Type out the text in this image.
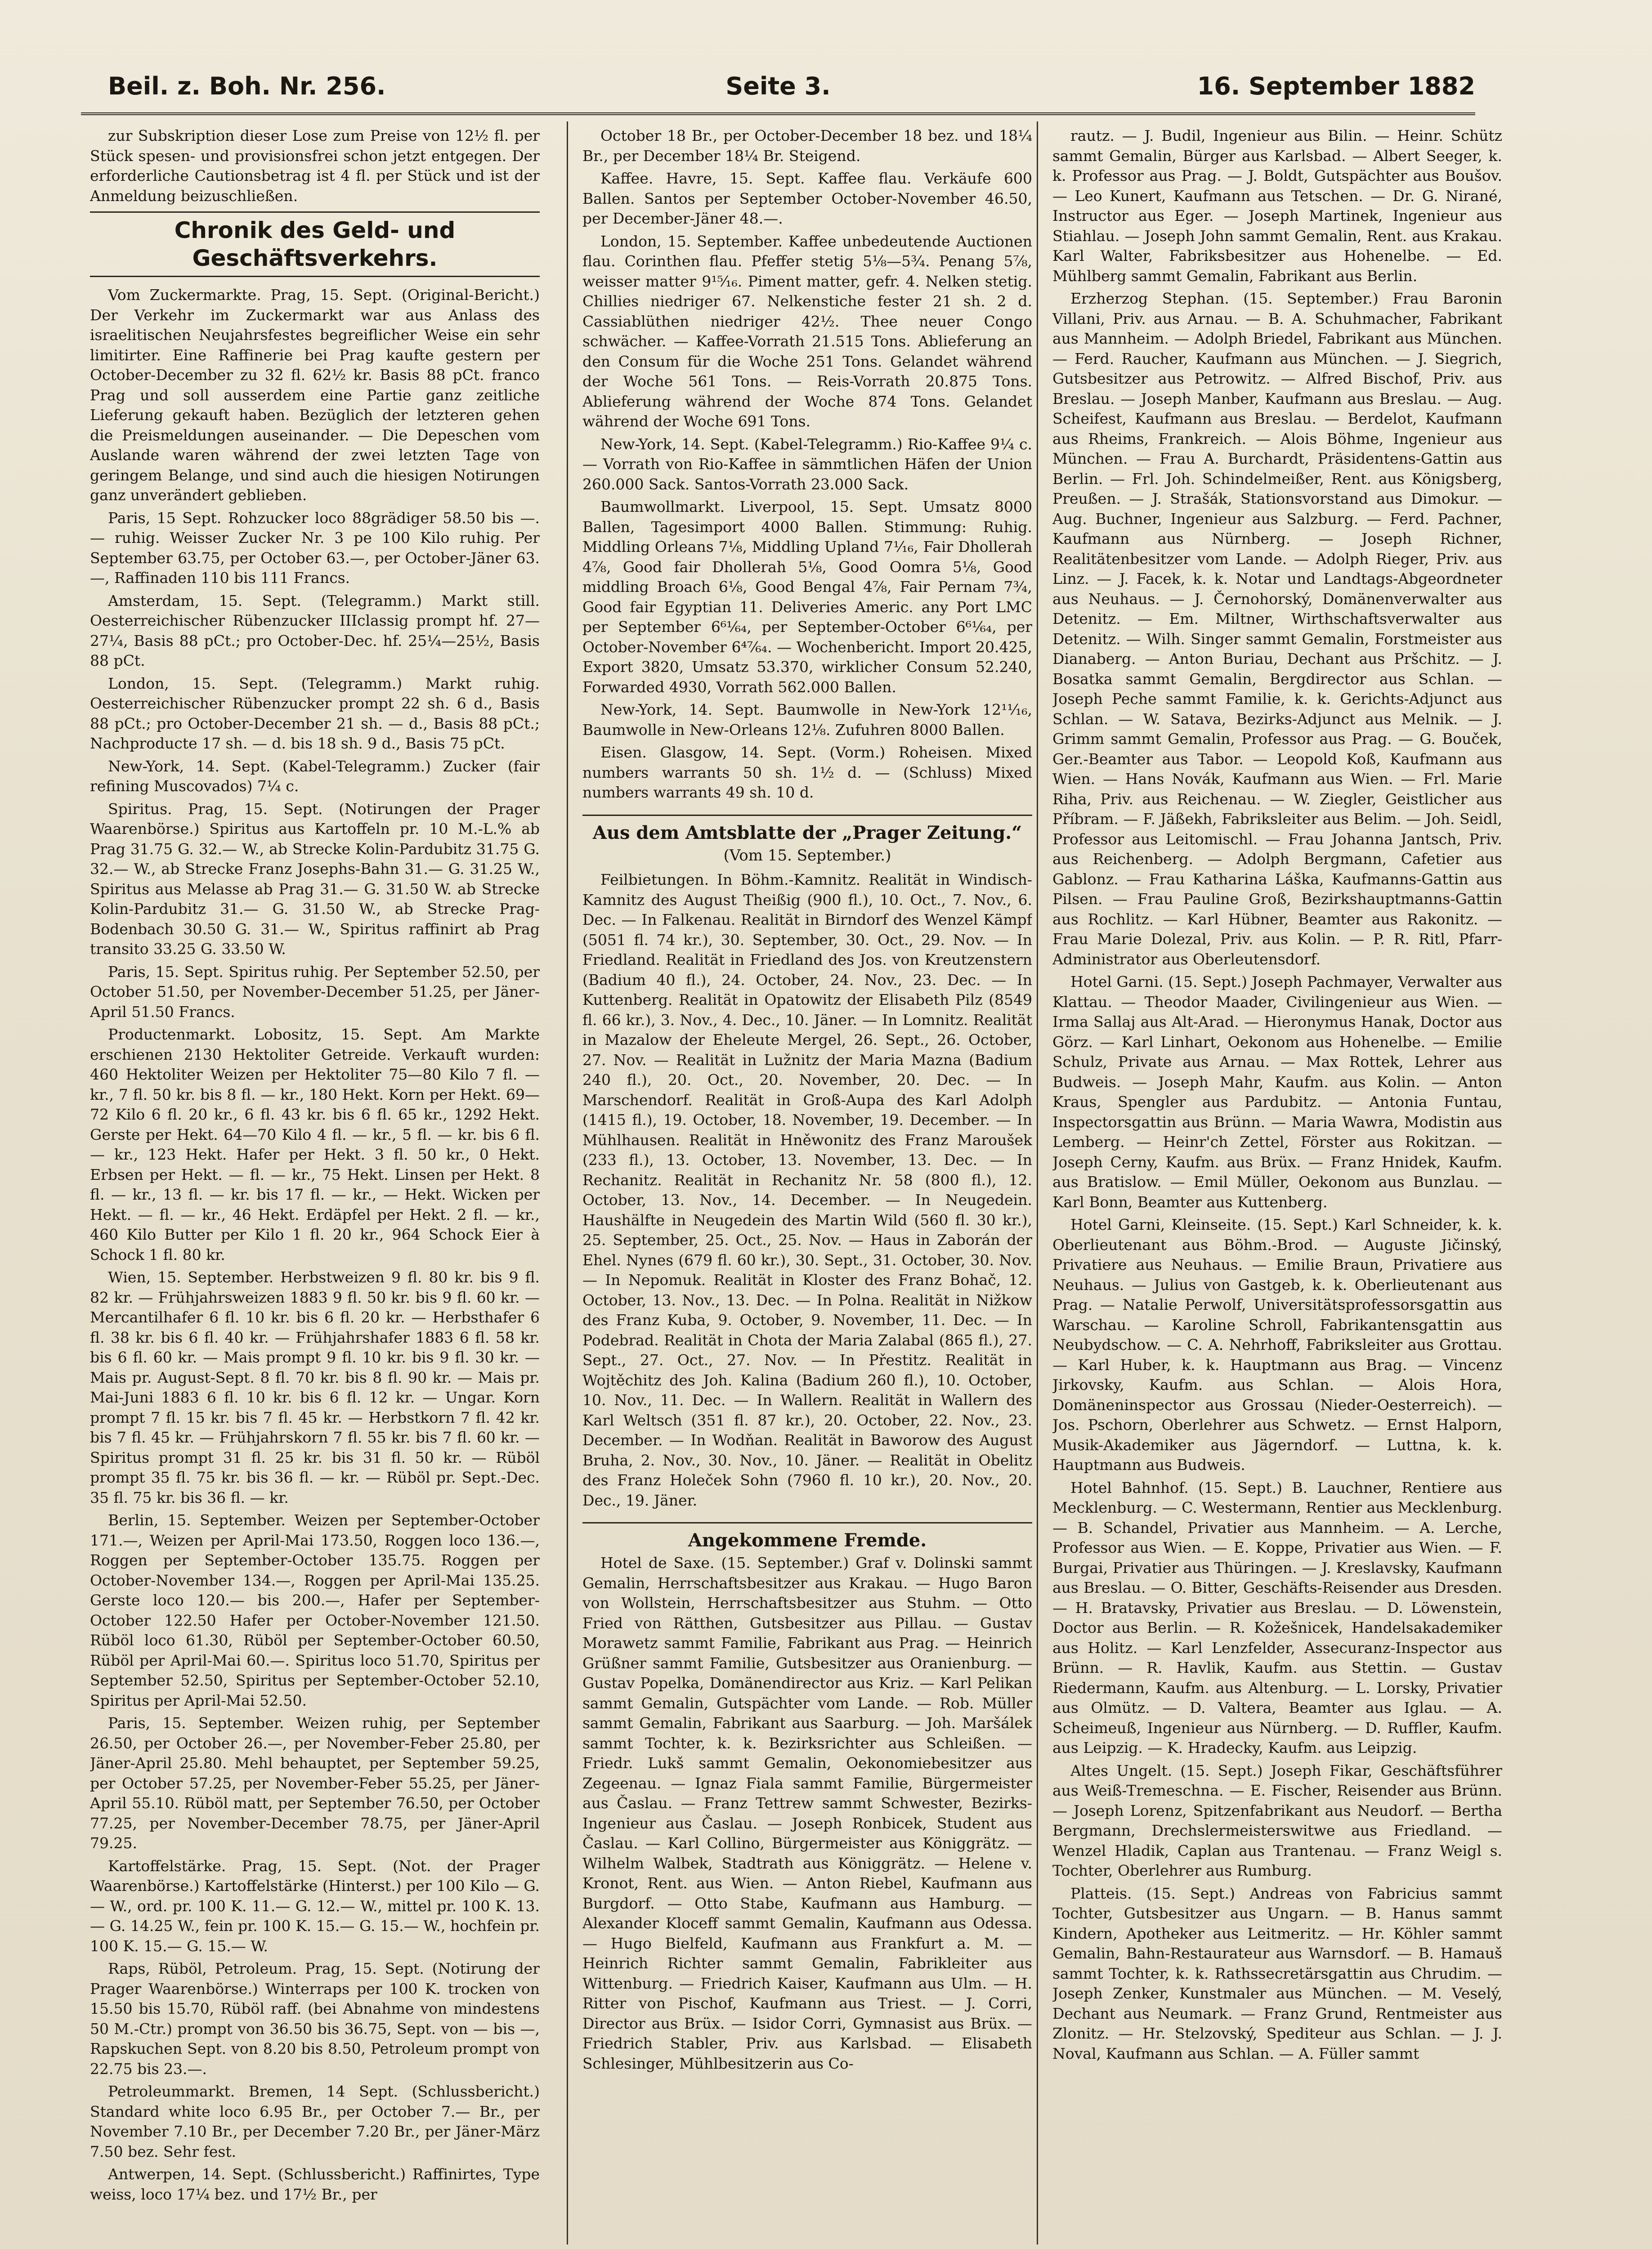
Beil. z. Boh. Nr. 256.	Seite 3.	16. September 1882

zur Subskription dieser Lose zum Preise von 12½ fl. per Stück spesen- und provisionsfrei schon jetzt entgegen. Der erforderliche Cautionsbetrag ist 4 fl. per Stück und ist der Anmeldung beizuschließen.

Chronik des Geld- und Geschäftsverkehrs.

Vom Zuckermarkte. Prag, 15. Sept. (Original-Bericht.) Der Verkehr im Zuckermarkt war aus Anlass des israelitischen Neujahrsfestes begreiflicher Weise ein sehr limitirter. Eine Raffinerie bei Prag kaufte gestern per October-December zu 32 fl. 62½ kr. Basis 88 pCt. franco Prag und soll ausserdem eine Partie ganz zeitliche Lieferung gekauft haben. Bezüglich der letzteren gehen die Preismeldungen auseinander. — Die Depeschen vom Auslande waren während der zwei letzten Tage von geringem Belange, und sind auch die hiesigen Notirungen ganz unverändert geblieben.

Paris, 15 Sept. Rohzucker loco 88grädiger 58.50 bis —.— ruhig. Weisser Zucker Nr. 3 pe 100 Kilo ruhig. Per September 63.75, per October 63.—, per October-Jäner 63.—, Raffinaden 110 bis 111 Francs.

Amsterdam, 15. Sept. (Telegramm.) Markt still. Oesterreichischer Rübenzucker IIIclassig prompt hf. 27—27¼, Basis 88 pCt.; pro October-Dec. hf. 25¼—25½, Basis 88 pCt.

London, 15. Sept. (Telegramm.) Markt ruhig. Oesterreichischer Rübenzucker prompt 22 sh. 6 d., Basis 88 pCt.; pro October-December 21 sh. — d., Basis 88 pCt.; Nachproducte 17 sh. — d. bis 18 sh. 9 d., Basis 75 pCt.

New-York, 14. Sept. (Kabel-Telegramm.) Zucker (fair refining Muscovados) 7¼ c.

Spiritus. Prag, 15. Sept. (Notirungen der Prager Waarenbörse.) Spiritus aus Kartoffeln pr. 10 M.-L.% ab Prag 31.75 G. 32.— W., ab Strecke Kolin-Pardubitz 31.75 G. 32.— W., ab Strecke Franz Josephs-Bahn 31.— G. 31.25 W., Spiritus aus Melasse ab Prag 31.— G. 31.50 W. ab Strecke Kolin-Pardubitz 31.— G. 31.50 W., ab Strecke Prag-Bodenbach 30.50 G. 31.— W., Spiritus raffinirt ab Prag transito 33.25 G. 33.50 W.

Paris, 15. Sept. Spiritus ruhig. Per September 52.50, per October 51.50, per November-December 51.25, per Jäner-April 51.50 Francs.

Productenmarkt. Lobositz, 15. Sept. Am Markte erschienen 2130 Hektoliter Getreide. Verkauft wurden: 460 Hektoliter Weizen per Hektoliter 75—80 Kilo 7 fl. — kr., 7 fl. 50 kr. bis 8 fl. — kr., 180 Hekt. Korn per Hekt. 69—72 Kilo 6 fl. 20 kr., 6 fl. 43 kr. bis 6 fl. 65 kr., 1292 Hekt. Gerste per Hekt. 64—70 Kilo 4 fl. — kr., 5 fl. — kr. bis 6 fl. — kr., 123 Hekt. Hafer per Hekt. 3 fl. 50 kr., 0 Hekt. Erbsen per Hekt. — fl. — kr., 75 Hekt. Linsen per Hekt. 8 fl. — kr., 13 fl. — kr. bis 17 fl. — kr., — Hekt. Wicken per Hekt. — fl. — kr., 46 Hekt. Erdäpfel per Hekt. 2 fl. — kr., 460 Kilo Butter per Kilo 1 fl. 20 kr., 964 Schock Eier à Schock 1 fl. 80 kr.

Wien, 15. September. Herbstweizen 9 fl. 80 kr. bis 9 fl. 82 kr. — Frühjahrsweizen 1883 9 fl. 50 kr. bis 9 fl. 60 kr. — Mercantilhafer 6 fl. 10 kr. bis 6 fl. 20 kr. — Herbsthafer 6 fl. 38 kr. bis 6 fl. 40 kr. — Frühjahrshafer 1883 6 fl. 58 kr. bis 6 fl. 60 kr. — Mais prompt 9 fl. 10 kr. bis 9 fl. 30 kr. — Mais pr. August-Sept. 8 fl. 70 kr. bis 8 fl. 90 kr. — Mais pr. Mai-Juni 1883 6 fl. 10 kr. bis 6 fl. 12 kr. — Ungar. Korn prompt 7 fl. 15 kr. bis 7 fl. 45 kr. — Herbstkorn 7 fl. 42 kr. bis 7 fl. 45 kr. — Frühjahrskorn 7 fl. 55 kr. bis 7 fl. 60 kr. — Spiritus prompt 31 fl. 25 kr. bis 31 fl. 50 kr. — Rüböl prompt 35 fl. 75 kr. bis 36 fl. — kr. — Rüböl pr. Sept.-Dec. 35 fl. 75 kr. bis 36 fl. — kr.

Berlin, 15. September. Weizen per September-October 171.—, Weizen per April-Mai 173.50, Roggen loco 136.—, Roggen per September-October 135.75. Roggen per October-November 134.—, Roggen per April-Mai 135.25. Gerste loco 120.— bis 200.—, Hafer per September-October 122.50 Hafer per October-November 121.50. Rüböl loco 61.30, Rüböl per September-October 60.50, Rüböl per April-Mai 60.—. Spiritus loco 51.70, Spiritus per September 52.50, Spiritus per September-October 52.10, Spiritus per April-Mai 52.50.

Paris, 15. September. Weizen ruhig, per September 26.50, per October 26.—, per November-Feber 25.80, per Jäner-April 25.80. Mehl behauptet, per September 59.25, per October 57.25, per November-Feber 55.25, per Jäner-April 55.10. Rüböl matt, per September 76.50, per October 77.25, per November-December 78.75, per Jäner-April 79.25.

Kartoffelstärke. Prag, 15. Sept. (Not. der Prager Waarenbörse.) Kartoffelstärke (Hinterst.) per 100 Kilo — G. — W., ord. pr. 100 K. 11.— G. 12.— W., mittel pr. 100 K. 13.— G. 14.25 W., fein pr. 100 K. 15.— G. 15.— W., hochfein pr. 100 K. 15.— G. 15.— W.

Raps, Rüböl, Petroleum. Prag, 15. Sept. (Notirung der Prager Waarenbörse.) Winterraps per 100 K. trocken von 15.50 bis 15.70, Rüböl raff. (bei Abnahme von mindestens 50 M.-Ctr.) prompt von 36.50 bis 36.75, Sept. von — bis —, Rapskuchen Sept. von 8.20 bis 8.50, Petroleum prompt von 22.75 bis 23.—.

Petroleummarkt. Bremen, 14 Sept. (Schlussbericht.) Standard white loco 6.95 Br., per October 7.— Br., per November 7.10 Br., per December 7.20 Br., per Jäner-März 7.50 bez. Sehr fest.

Antwerpen, 14. Sept. (Schlussbericht.) Raffinirtes, Type weiss, loco 17¼ bez. und 17½ Br., per

October 18 Br., per October-December 18 bez. und 18¼ Br., per December 18¼ Br. Steigend.

Kaffee. Havre, 15. Sept. Kaffee flau. Verkäufe 600 Ballen. Santos per September October-November 46.50, per December-Jäner 48.—.

London, 15. September. Kaffee unbedeutende Auctionen flau. Corinthen flau. Pfeffer stetig 5⅛—5¾. Penang 5⅞, weisser matter 9¹⁵⁄₁₆. Piment matter, gefr. 4. Nelken stetig. Chillies niedriger 67. Nelkenstiche fester 21 sh. 2 d. Cassiablüthen niedriger 42½. Thee neuer Congo schwächer. — Kaffee-Vorrath 21.515 Tons. Ablieferung an den Consum für die Woche 251 Tons. Gelandet während der Woche 561 Tons. — Reis-Vorrath 20.875 Tons. Ablieferung während der Woche 874 Tons. Gelandet während der Woche 691 Tons.

New-York, 14. Sept. (Kabel-Telegramm.) Rio-Kaffee 9¼ c. — Vorrath von Rio-Kaffee in sämmtlichen Häfen der Union 260.000 Sack. Santos-Vorrath 23.000 Sack.

Baumwollmarkt. Liverpool, 15. Sept. Umsatz 8000 Ballen, Tagesimport 4000 Ballen. Stimmung: Ruhig. Middling Orleans 7⅛, Middling Upland 7¹⁄₁₆, Fair Dhollerah 4⅞, Good fair Dhollerah 5⅛, Good Oomra 5⅛, Good middling Broach 6⅛, Good Bengal 4⅞, Fair Pernam 7¾, Good fair Egyptian 11. Deliveries Americ. any Port LMC per September 6⁶¹⁄₆₄, per September-October 6⁶¹⁄₆₄, per October-November 6⁴⁷⁄₆₄. — Wochenbericht. Import 20.425, Export 3820, Umsatz 53.370, wirklicher Consum 52.240, Forwarded 4930, Vorrath 562.000 Ballen.

New-York, 14. Sept. Baumwolle in New-York 12¹¹⁄₁₆, Baumwolle in New-Orleans 12⅛. Zufuhren 8000 Ballen.

Eisen. Glasgow, 14. Sept. (Vorm.) Roheisen. Mixed numbers warrants 50 sh. 1½ d. — (Schluss) Mixed numbers warrants 49 sh. 10 d.

Aus dem Amtsblatte der „Prager Zeitung.“
(Vom 15. September.)

Feilbietungen. In Böhm.-Kamnitz. Realität in Windisch-Kamnitz des August Theißig (900 fl.), 10. Oct., 7. Nov., 6. Dec. — In Falkenau. Realität in Birndorf des Wenzel Kämpf (5051 fl. 74 kr.), 30. September, 30. Oct., 29. Nov. — In Friedland. Realität in Friedland des Jos. von Kreutzenstern (Badium 40 fl.), 24. October, 24. Nov., 23. Dec. — In Kuttenberg. Realität in Opatowitz der Elisabeth Pilz (8549 fl. 66 kr.), 3. Nov., 4. Dec., 10. Jäner. — In Lomnitz. Realität in Mazalow der Eheleute Mergel, 26. Sept., 26. October, 27. Nov. — Realität in Lužnitz der Maria Mazna (Badium 240 fl.), 20. Oct., 20. November, 20. Dec. — In Marschendorf. Realität in Groß-Aupa des Karl Adolph (1415 fl.), 19. October, 18. November, 19. December. — In Mühlhausen. Realität in Hněwonitz des Franz Maroušek (233 fl.), 13. October, 13. November, 13. Dec. — In Rechanitz. Realität in Rechanitz Nr. 58 (800 fl.), 12. October, 13. Nov., 14. December. — In Neugedein. Haushälfte in Neugedein des Martin Wild (560 fl. 30 kr.), 25. September, 25. Oct., 25. Nov. — Haus in Zaborán der Ehel. Nynes (679 fl. 60 kr.), 30. Sept., 31. October, 30. Nov. — In Nepomuk. Realität in Kloster des Franz Bohač, 12. October, 13. Nov., 13. Dec. — In Polna. Realität in Nižkow des Franz Kuba, 9. October, 9. November, 11. Dec. — In Podebrad. Realität in Chota der Maria Zalabal (865 fl.), 27. Sept., 27. Oct., 27. Nov. — In Přestitz. Realität in Wojtěchitz des Joh. Kalina (Badium 260 fl.), 10. October, 10. Nov., 11. Dec. — In Wallern. Realität in Wallern des Karl Weltsch (351 fl. 87 kr.), 20. October, 22. Nov., 23. December. — In Wodňan. Realität in Baworow des August Bruha, 2. Nov., 30. Nov., 10. Jäner. — Realität in Obelitz des Franz Holeček Sohn (7960 fl. 10 kr.), 20. Nov., 20. Dec., 19. Jäner.

Angekommene Fremde.

Hotel de Saxe. (15. September.) Graf v. Dolinski sammt Gemalin, Herrschaftsbesitzer aus Krakau. — Hugo Baron von Wollstein, Herrschaftsbesitzer aus Stuhm. — Otto Fried von Rätthen, Gutsbesitzer aus Pillau. — Gustav Morawetz sammt Familie, Fabrikant aus Prag. — Heinrich Grüßner sammt Familie, Gutsbesitzer aus Oranienburg. — Gustav Popelka, Domänendirector aus Kriz. — Karl Pelikan sammt Gemalin, Gutspächter vom Lande. — Rob. Müller sammt Gemalin, Fabrikant aus Saarburg. — Joh. Maršálek sammt Tochter, k. k. Bezirksrichter aus Schleißen. — Friedr. Lukš sammt Gemalin, Oekonomiebesitzer aus Zegeenau. — Ignaz Fiala sammt Familie, Bürgermeister aus Časlau. — Franz Tettrew sammt Schwester, Bezirks-Ingenieur aus Časlau. — Joseph Ronbicek, Student aus Časlau. — Karl Collino, Bürgermeister aus Königgrätz. — Wilhelm Walbek, Stadtrath aus Königgrätz. — Helene v. Kronot, Rent. aus Wien. — Anton Riebel, Kaufmann aus Burgdorf. — Otto Stabe, Kaufmann aus Hamburg. — Alexander Kloceff sammt Gemalin, Kaufmann aus Odessa. — Hugo Bielfeld, Kaufmann aus Frankfurt a. M. — Heinrich Richter sammt Gemalin, Fabrikleiter aus Wittenburg. — Friedrich Kaiser, Kaufmann aus Ulm. — H. Ritter von Pischof, Kaufmann aus Triest. — J. Corri, Director aus Brüx. — Isidor Corri, Gymnasist aus Brüx. — Friedrich Stabler, Priv. aus Karlsbad. — Elisabeth Schlesinger, Mühlbesitzerin aus Co-

rautz. — J. Budil, Ingenieur aus Bilin. — Heinr. Schütz sammt Gemalin, Bürger aus Karlsbad. — Albert Seeger, k. k. Professor aus Prag. — J. Boldt, Gutspächter aus Boušov. — Leo Kunert, Kaufmann aus Tetschen. — Dr. G. Nirané, Instructor aus Eger. — Joseph Martinek, Ingenieur aus Stiahlau. — Joseph John sammt Gemalin, Rent. aus Krakau. Karl Walter, Fabriksbesitzer aus Hohenelbe. — Ed. Mühlberg sammt Gemalin, Fabrikant aus Berlin.

Erzherzog Stephan. (15. September.) Frau Baronin Villani, Priv. aus Arnau. — B. A. Schuhmacher, Fabrikant aus Mannheim. — Adolph Briedel, Fabrikant aus München. — Ferd. Raucher, Kaufmann aus München. — J. Siegrich, Gutsbesitzer aus Petrowitz. — Alfred Bischof, Priv. aus Breslau. — Joseph Manber, Kaufmann aus Breslau. — Aug. Scheifest, Kaufmann aus Breslau. — Berdelot, Kaufmann aus Rheims, Frankreich. — Alois Böhme, Ingenieur aus München. — Frau A. Burchardt, Präsidentens-Gattin aus Berlin. — Frl. Joh. Schindelmeißer, Rent. aus Königsberg, Preußen. — J. Strašák, Stationsvorstand aus Dimokur. — Aug. Buchner, Ingenieur aus Salzburg. — Ferd. Pachner, Kaufmann aus Nürnberg. — Joseph Richner, Realitätenbesitzer vom Lande. — Adolph Rieger, Priv. aus Linz. — J. Facek, k. k. Notar und Landtags-Abgeordneter aus Neuhaus. — J. Černohorský, Domänenverwalter aus Detenitz. — Em. Miltner, Wirthschaftsverwalter aus Detenitz. — Wilh. Singer sammt Gemalin, Forstmeister aus Dianaberg. — Anton Buriau, Dechant aus Pršchitz. — J. Bosatka sammt Gemalin, Bergdirector aus Schlan. — Joseph Peche sammt Familie, k. k. Gerichts-Adjunct aus Schlan. — W. Satava, Bezirks-Adjunct aus Melnik. — J. Grimm sammt Gemalin, Professor aus Prag. — G. Bouček, Ger.-Beamter aus Tabor. — Leopold Koß, Kaufmann aus Wien. — Hans Novák, Kaufmann aus Wien. — Frl. Marie Riha, Priv. aus Reichenau. — W. Ziegler, Geistlicher aus Příbram. — F. Jäßekh, Fabriksleiter aus Belim. — Joh. Seidl, Professor aus Leitomischl. — Frau Johanna Jantsch, Priv. aus Reichenberg. — Adolph Bergmann, Cafetier aus Gablonz. — Frau Katharina Láška, Kaufmanns-Gattin aus Pilsen. — Frau Pauline Groß, Bezirkshauptmanns-Gattin aus Rochlitz. — Karl Hübner, Beamter aus Rakonitz. — Frau Marie Dolezal, Priv. aus Kolin. — P. R. Ritl, Pfarr-Administrator aus Oberleutensdorf.

Hotel Garni. (15. Sept.) Joseph Pachmayer, Verwalter aus Klattau. — Theodor Maader, Civilingenieur aus Wien. — Irma Sallaj aus Alt-Arad. — Hieronymus Hanak, Doctor aus Görz. — Karl Linhart, Oekonom aus Hohenelbe. — Emilie Schulz, Private aus Arnau. — Max Rottek, Lehrer aus Budweis. — Joseph Mahr, Kaufm. aus Kolin. — Anton Kraus, Spengler aus Pardubitz. — Antonia Funtau, Inspectorsgattin aus Brünn. — Maria Wawra, Modistin aus Lemberg. — Heinr'ch Zettel, Förster aus Rokitzan. — Joseph Cerny, Kaufm. aus Brüx. — Franz Hnidek, Kaufm. aus Bratislow. — Emil Müller, Oekonom aus Bunzlau. — Karl Bonn, Beamter aus Kuttenberg.

Hotel Garni, Kleinseite. (15. Sept.) Karl Schneider, k. k. Oberlieutenant aus Böhm.-Brod. — Auguste Jičinský, Privatiere aus Neuhaus. — Emilie Braun, Privatiere aus Neuhaus. — Julius von Gastgeb, k. k. Oberlieutenant aus Prag. — Natalie Perwolf, Universitätsprofessorsgattin aus Warschau. — Karoline Schroll, Fabrikantensgattin aus Neubydschow. — C. A. Nehrhoff, Fabriksleiter aus Grottau. — Karl Huber, k. k. Hauptmann aus Brag. — Vincenz Jirkovsky, Kaufm. aus Schlan. — Alois Hora, Domäneninspector aus Grossau (Nieder-Oesterreich). — Jos. Pschorn, Oberlehrer aus Schwetz. — Ernst Halporn, Musik-Akademiker aus Jägerndorf. — Luttna, k. k. Hauptmann aus Budweis.

Hotel Bahnhof. (15. Sept.) B. Lauchner, Rentiere aus Mecklenburg. — C. Westermann, Rentier aus Mecklenburg. — B. Schandel, Privatier aus Mannheim. — A. Lerche, Professor aus Wien. — E. Koppe, Privatier aus Wien. — F. Burgai, Privatier aus Thüringen. — J. Kreslavsky, Kaufmann aus Breslau. — O. Bitter, Geschäfts-Reisender aus Dresden. — H. Bratavsky, Privatier aus Breslau. — D. Löwenstein, Doctor aus Berlin. — R. Kožešnicek, Handelsakademiker aus Holitz. — Karl Lenzfelder, Assecuranz-Inspector aus Brünn. — R. Havlik, Kaufm. aus Stettin. — Gustav Riedermann, Kaufm. aus Altenburg. — L. Lorsky, Privatier aus Olmütz. — D. Valtera, Beamter aus Iglau. — A. Scheimeuß, Ingenieur aus Nürnberg. — D. Ruffler, Kaufm. aus Leipzig. — K. Hradecky, Kaufm. aus Leipzig.

Altes Ungelt. (15. Sept.) Joseph Fikar, Geschäftsführer aus Weiß-Tremeschna. — E. Fischer, Reisender aus Brünn. — Joseph Lorenz, Spitzenfabrikant aus Neudorf. — Bertha Bergmann, Drechslermeisterswitwe aus Friedland. — Wenzel Hladik, Caplan aus Trantenau. — Franz Weigl s. Tochter, Oberlehrer aus Rumburg.

Platteis. (15. Sept.) Andreas von Fabricius sammt Tochter, Gutsbesitzer aus Ungarn. — B. Hanus sammt Kindern, Apotheker aus Leitmeritz. — Hr. Köhler sammt Gemalin, Bahn-Restaurateur aus Warnsdorf. — B. Hamauš sammt Tochter, k. k. Rathssecretärsgattin aus Chrudim. — Joseph Zenker, Kunstmaler aus München. — M. Veselý, Dechant aus Neumark. — Franz Grund, Rentmeister aus Zlonitz. — Hr. Stelzovský, Spediteur aus Schlan. — J. J. Noval, Kaufmann aus Schlan. — A. Füller sammt
